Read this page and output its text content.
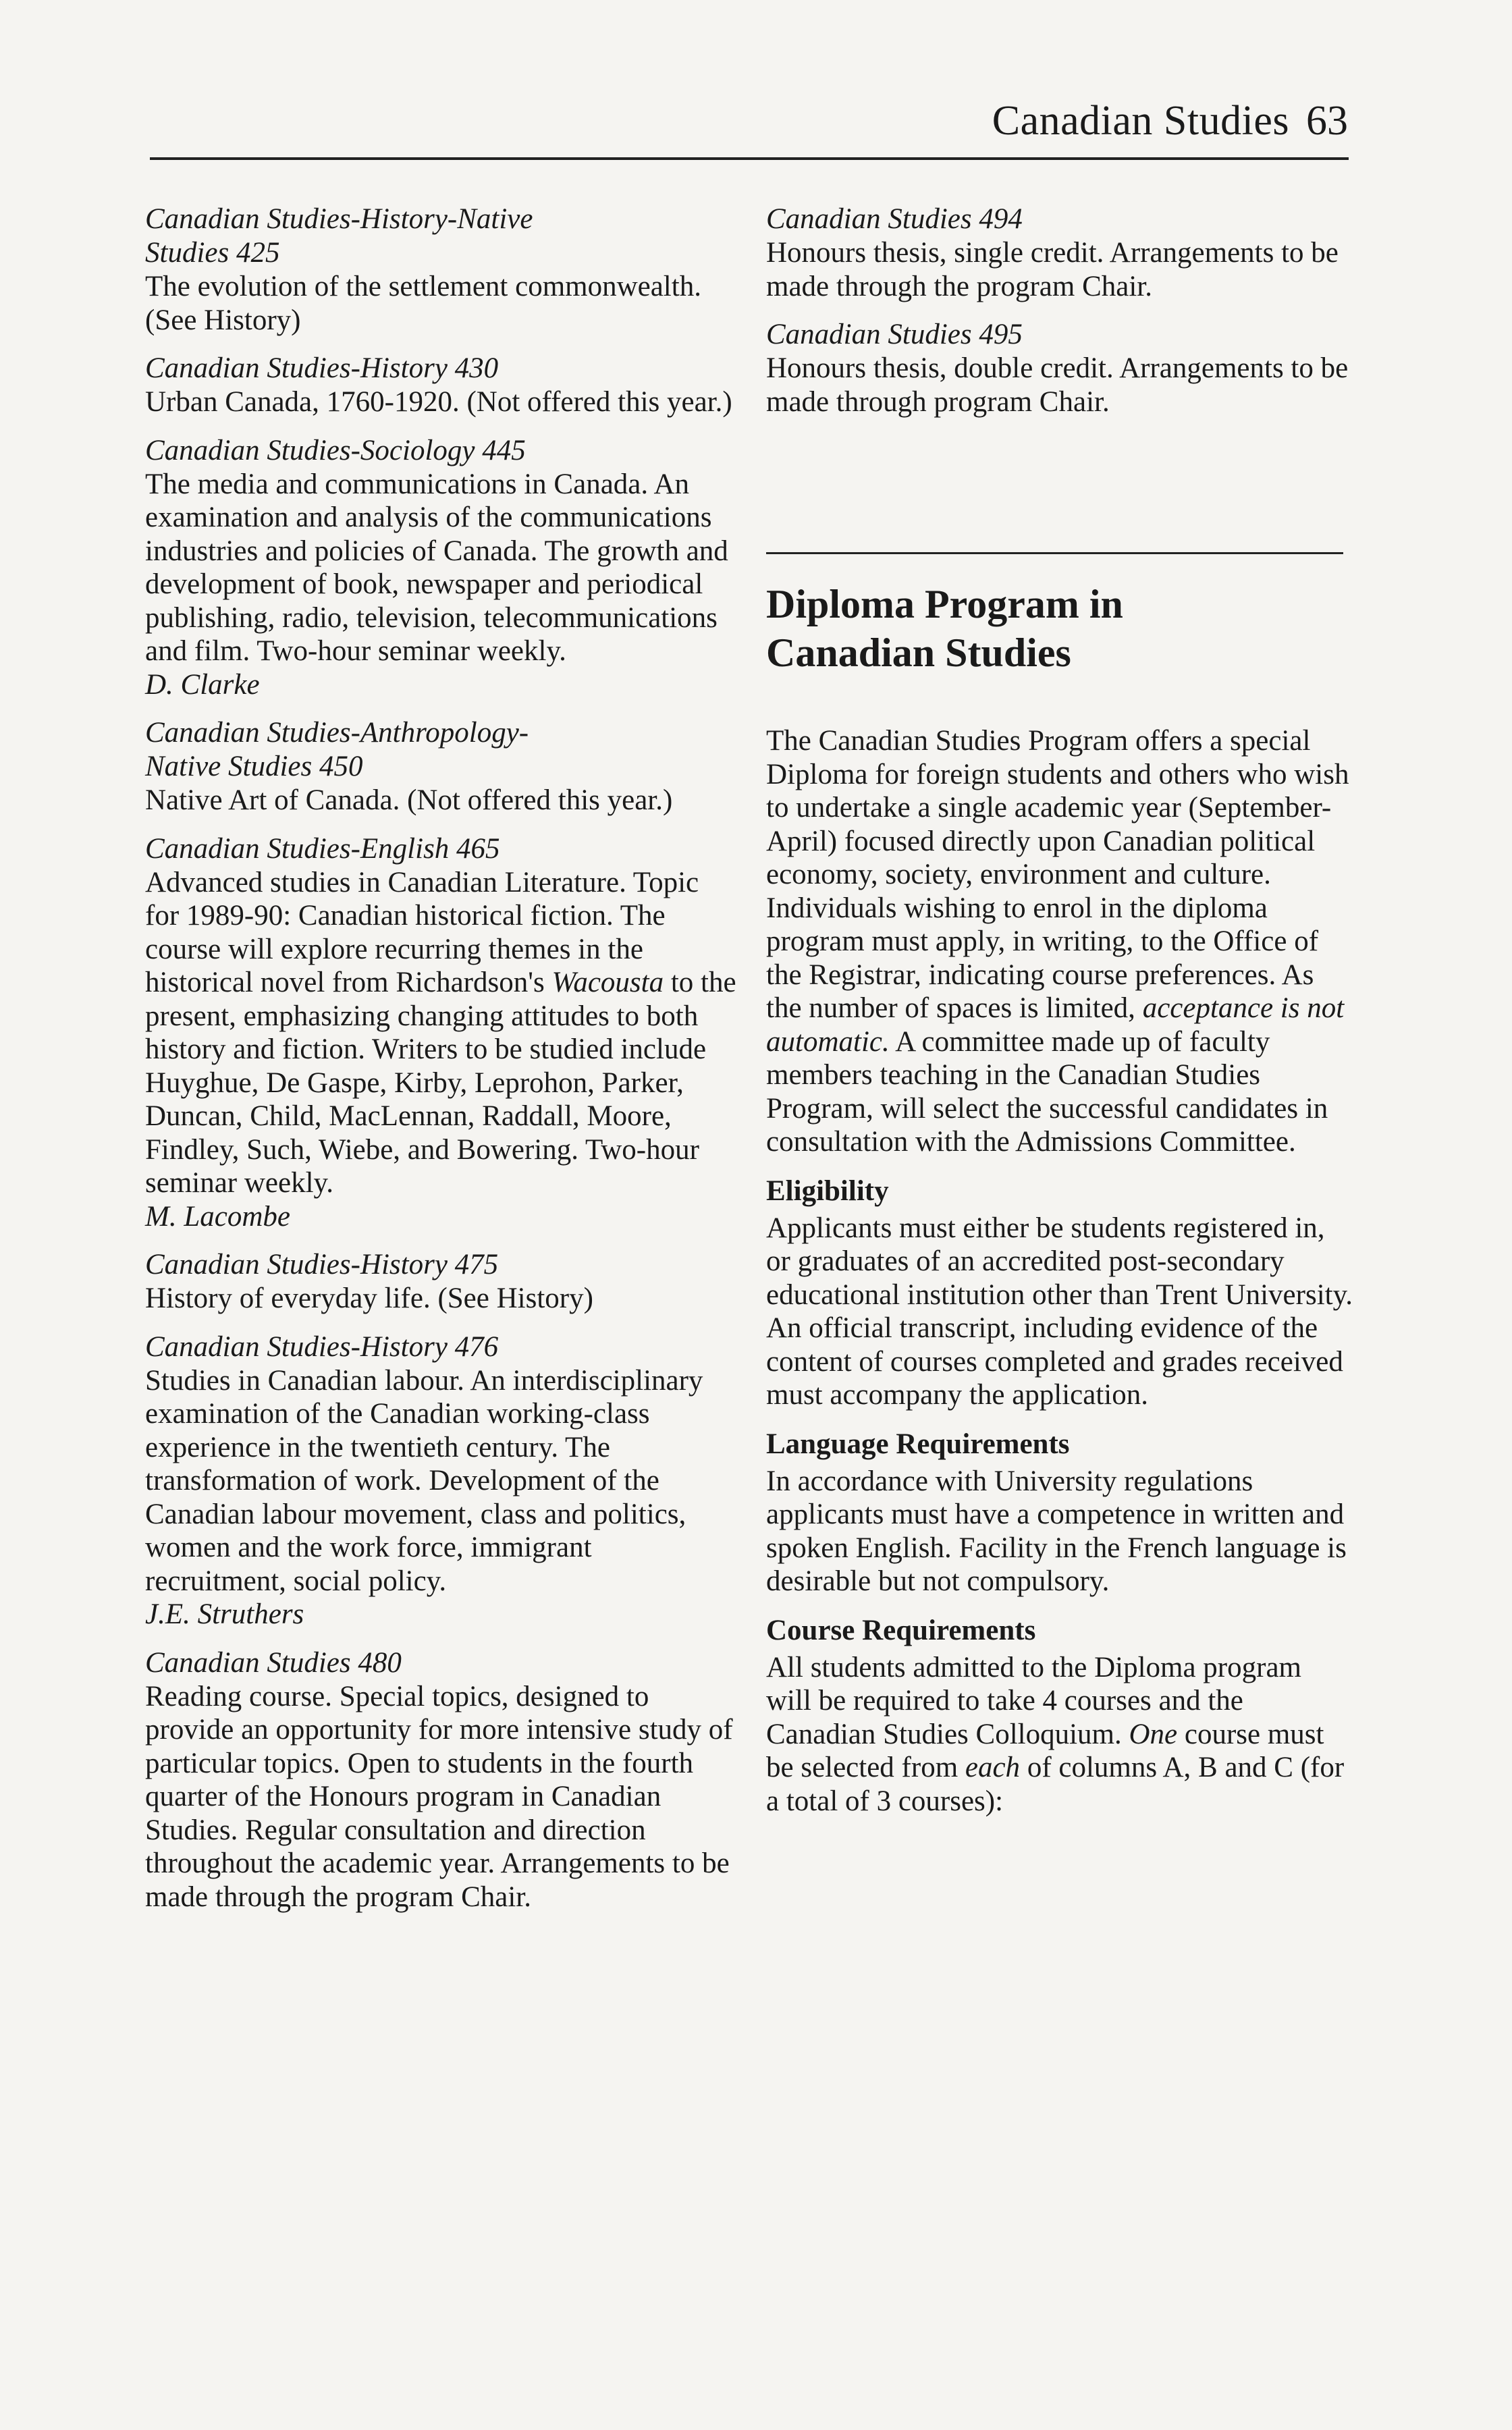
Canadian Studies 63
Canadian Studies-History-Native
Studies 425
The evolution of the settlement commonwealth. (See History)
Canadian Studies-History 430
Urban Canada, 1760-1920. (Not offered this year.)
Canadian Studies-Sociology 445
The media and communications in Canada. An examination and analysis of the communications industries and policies of Canada. The growth and development of book, newspaper and periodical publishing, radio, television, telecommunications and film. Two-hour seminar weekly.
D. Clarke
Canadian Studies-Anthropology-
Native Studies 450
Native Art of Canada. (Not offered this year.)
Canadian Studies-English 465
Advanced studies in Canadian Literature. Topic for 1989-90: Canadian historical fiction. The course will explore recurring themes in the historical novel from Richardson's Wacousta to the present, emphasizing changing attitudes to both history and fiction. Writers to be studied include Huyghue, De Gaspe, Kirby, Leprohon, Parker, Duncan, Child, MacLennan, Raddall, Moore, Findley, Such, Wiebe, and Bowering. Two-hour seminar weekly.
M. Lacombe
Canadian Studies-History 475
History of everyday life. (See History)
Canadian Studies-History 476
Studies in Canadian labour. An interdisciplinary examination of the Canadian working-class experience in the twentieth century. The transformation of work. Development of the Canadian labour movement, class and politics, women and the work force, immigrant recruitment, social policy.
J.E. Struthers
Canadian Studies 480
Reading course. Special topics, designed to provide an opportunity for more intensive study of particular topics. Open to students in the fourth quarter of the Honours program in Canadian Studies. Regular consultation and direction throughout the academic year. Arrangements to be made through the program Chair.
Canadian Studies 494
Honours thesis, single credit. Arrangements to be made through the program Chair.
Canadian Studies 495
Honours thesis, double credit. Arrangements to be made through program Chair.
Diploma Program in
Canadian Studies
The Canadian Studies Program offers a special Diploma for foreign students and others who wish to undertake a single academic year (September-April) focused directly upon Canadian political economy, society, environment and culture. Individuals wishing to enrol in the diploma program must apply, in writing, to the Office of the Registrar, indicating course preferences. As the number of spaces is limited, acceptance is not automatic. A committee made up of faculty members teaching in the Canadian Studies Program, will select the successful candidates in consultation with the Admissions Committee.
Eligibility
Applicants must either be students registered in, or graduates of an accredited post-secondary educational institution other than Trent University. An official transcript, including evidence of the content of courses completed and grades received must accompany the application.
Language Requirements
In accordance with University regulations applicants must have a competence in written and spoken English. Facility in the French language is desirable but not compulsory.
Course Requirements
All students admitted to the Diploma program will be required to take 4 courses and the Canadian Studies Colloquium. One course must be selected from each of columns A, B and C (for a total of 3 courses):
